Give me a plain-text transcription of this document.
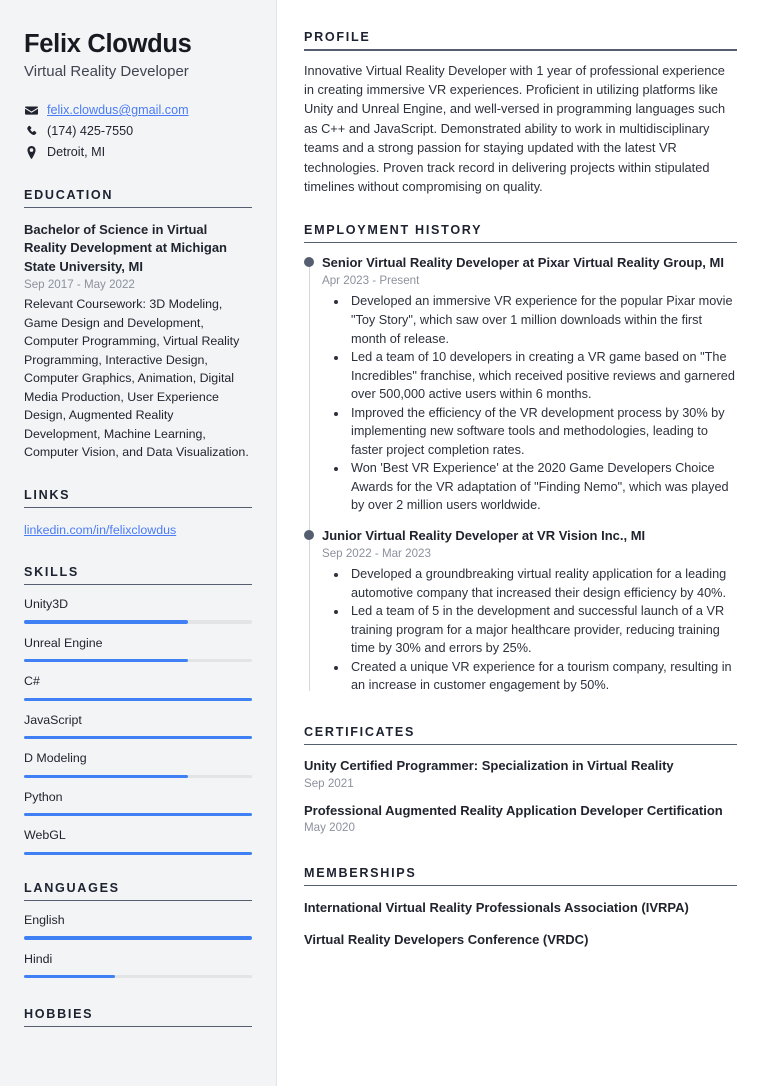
Felix Clowdus
Virtual Reality Developer
felix.clowdus@gmail.com
(174) 425-7550
Detroit, MI
EDUCATION
Bachelor of Science in Virtual Reality Development at Michigan State University, MI
Sep 2017 - May 2022
Relevant Coursework: 3D Modeling, Game Design and Development, Computer Programming, Virtual Reality Programming, Interactive Design, Computer Graphics, Animation, Digital Media Production, User Experience Design, Augmented Reality Development, Machine Learning, Computer Vision, and Data Visualization.
LINKS
linkedin.com/in/felixclowdus
SKILLS
Unity3D
Unreal Engine
C#
JavaScript
D Modeling
Python
WebGL
LANGUAGES
English
Hindi
HOBBIES
PROFILE

Innovative Virtual Reality Developer with 1 year of professional experience in creating immersive VR experiences. Proficient in utilizing platforms like Unity and Unreal Engine, and well-versed in programming languages such as C++ and JavaScript. Demonstrated ability to work in multidisciplinary teams and a strong passion for staying updated with the latest VR technologies. Proven track record in delivering projects within stipulated timelines without compromising on quality.

EMPLOYMENT HISTORY
Senior Virtual Reality Developer at Pixar Virtual Reality Group, MI
Apr 2023 - Present
• Developed an immersive VR experience for the popular Pixar movie "Toy Story", which saw over 1 million downloads within the first month of release.
• Led a team of 10 developers in creating a VR game based on "The Incredibles" franchise, which received positive reviews and garnered over 500,000 active users within 6 months.
• Improved the efficiency of the VR development process by 30% by implementing new software tools and methodologies, leading to faster project completion rates.
• Won 'Best VR Experience' at the 2020 Game Developers Choice Awards for the VR adaptation of "Finding Nemo", which was played by over 2 million users worldwide.
Junior Virtual Reality Developer at VR Vision Inc., MI
Sep 2022 - Mar 2023
• Developed a groundbreaking virtual reality application for a leading automotive company that increased their design efficiency by 40%.
• Led a team of 5 in the development and successful launch of a VR training program for a major healthcare provider, reducing training time by 30% and errors by 25%.
• Created a unique VR experience for a tourism company, resulting in an increase in customer engagement by 50%.
CERTIFICATES
Unity Certified Programmer: Specialization in Virtual Reality
Sep 2021
Professional Augmented Reality Application Developer Certification
May 2020
MEMBERSHIPS
International Virtual Reality Professionals Association (IVRPA)
Virtual Reality Developers Conference (VRDC)
